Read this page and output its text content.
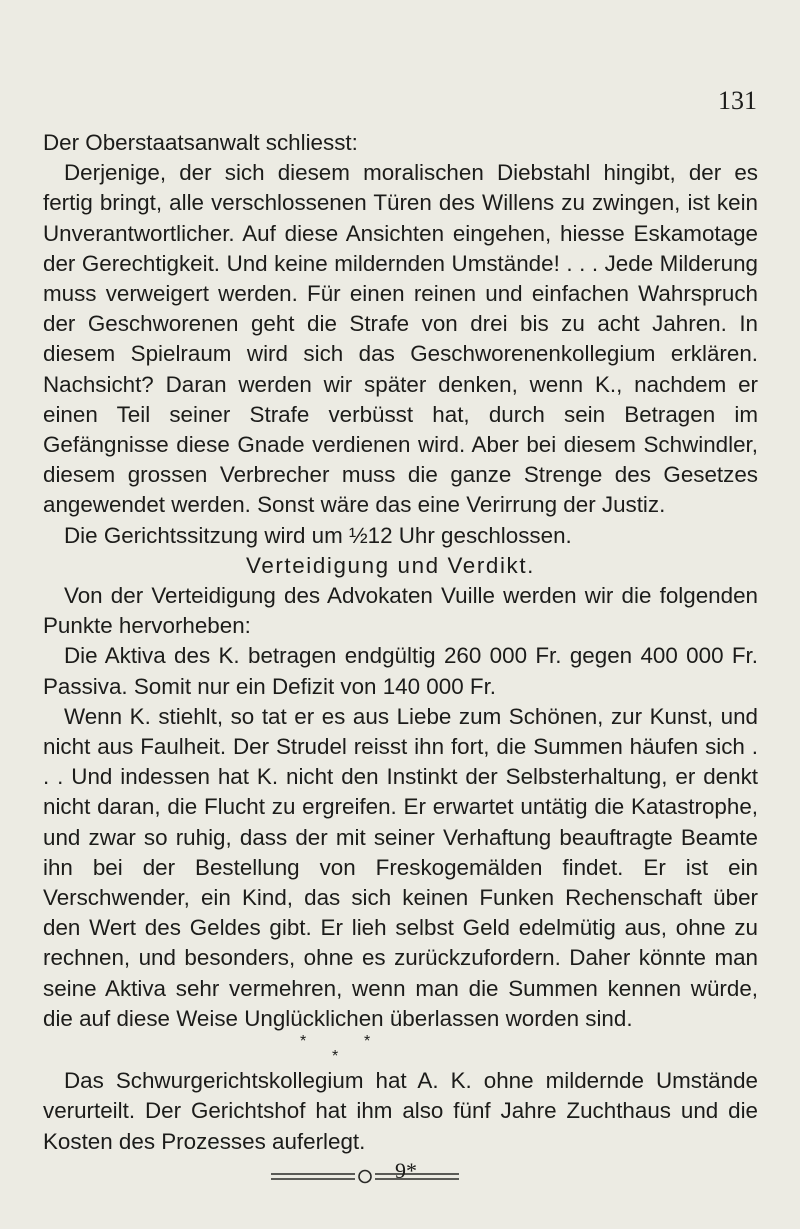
131

Der Oberstaatsanwalt schliesst:

Derjenige, der sich diesem moralischen Diebstahl hingibt, der es fertig bringt, alle verschlossenen Türen des Willens zu zwingen, ist kein Unverantwortlicher. Auf diese Ansichten eingehen, hiesse Eskamotage der Gerechtigkeit. Und keine mildernden Umstände! . . . Jede Milderung muss verweigert werden. Für einen reinen und einfachen Wahrspruch der Geschworenen geht die Strafe von drei bis zu acht Jahren. In diesem Spielraum wird sich das Geschworenenkollegium erklären. Nachsicht? Daran werden wir später denken, wenn K., nachdem er einen Teil seiner Strafe verbüsst hat, durch sein Betragen im Gefängnisse diese Gnade verdienen wird. Aber bei diesem Schwindler, diesem grossen Verbrecher muss die ganze Strenge des Gesetzes angewendet werden. Sonst wäre das eine Verirrung der Justiz.

Die Gerichtssitzung wird um ½12 Uhr geschlossen.

Verteidigung und Verdikt.

Von der Verteidigung des Advokaten Vuille werden wir die folgenden Punkte hervorheben:

Die Aktiva des K. betragen endgültig 260 000 Fr. gegen 400 000 Fr. Passiva. Somit nur ein Defizit von 140 000 Fr.

Wenn K. stiehlt, so tat er es aus Liebe zum Schönen, zur Kunst, und nicht aus Faulheit. Der Strudel reisst ihn fort, die Summen häufen sich . . . Und indessen hat K. nicht den Instinkt der Selbsterhaltung, er denkt nicht daran, die Flucht zu ergreifen. Er erwartet untätig die Katastrophe, und zwar so ruhig, dass der mit seiner Verhaftung beauftragte Beamte ihn bei der Bestellung von Freskogemälden findet. Er ist ein Verschwender, ein Kind, das sich keinen Funken Rechenschaft über den Wert des Geldes gibt. Er lieh selbst Geld edelmütig aus, ohne zu rechnen, und besonders, ohne es zurückzufordern. Daher könnte man seine Aktiva sehr vermehren, wenn man die Summen kennen würde, die auf diese Weise Unglücklichen überlassen worden sind.

*	*
*

Das Schwurgerichtskollegium hat A. K. ohne mildernde Umstände verurteilt. Der Gerichtshof hat ihm also fünf Jahre Zuchthaus und die Kosten des Prozesses auferlegt.

9*
